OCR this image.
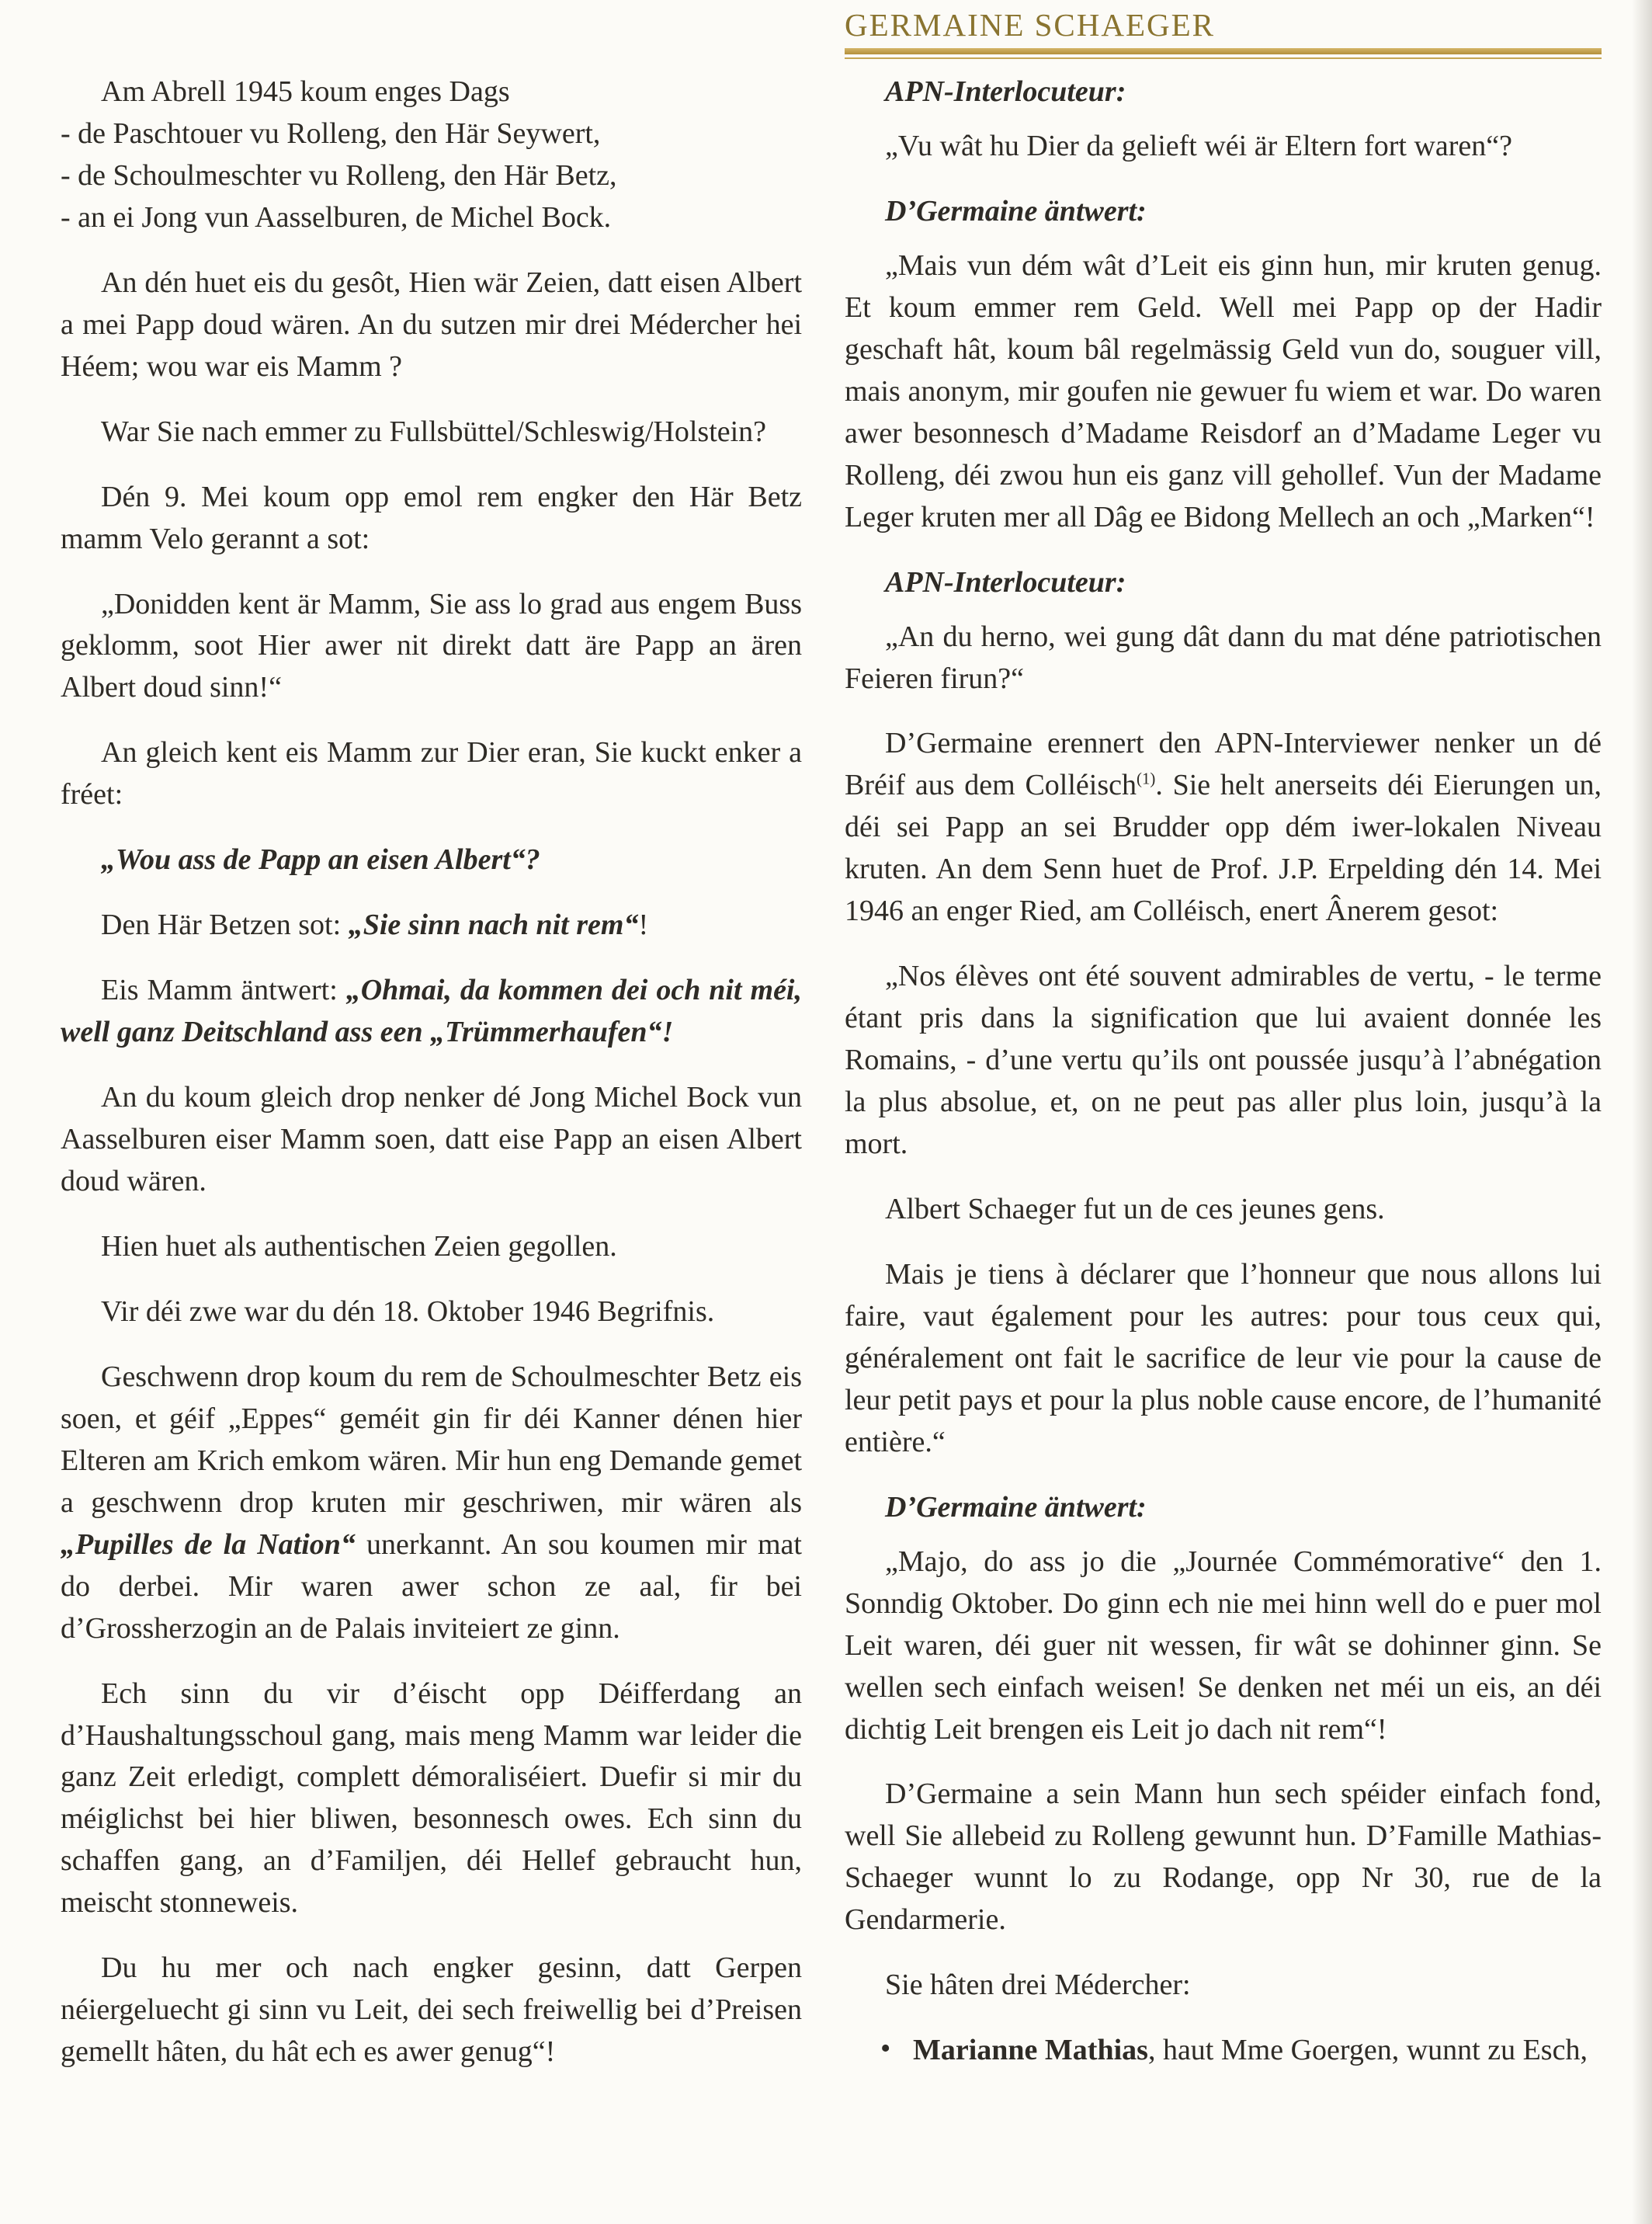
Am Abrell 1945 koum enges Dags

- de Paschtouer vu Rolleng, den Här Seywert,

- de Schoulmeschter vu Rolleng, den Här Betz,

- an ei Jong vun Aasselburen, de Michel Bock.

An dén huet eis du gesôt, Hien wär Zeien, datt eisen Albert a mei Papp doud wären. An du sutzen mir drei Médercher hei Héem; wou war eis Mamm ?

War Sie nach emmer zu Fullsbüttel/Schleswig/​Holstein?

Dén 9. Mei koum opp emol rem engker den Här Betz mamm Velo gerannt a sot:

„Donidden kent är Mamm, Sie ass lo grad aus engem Buss geklomm, soot Hier awer nit direkt datt äre Papp an ären Albert doud sinn!“

An gleich kent eis Mamm zur Dier eran, Sie kuckt enker a fréet:

„Wou ass de Papp an eisen Albert“?

Den Här Betzen sot: „Sie sinn nach nit rem“!

Eis Mamm äntwert: „Ohmai, da kommen dei och nit méi, well ganz Deitschland ass een „Trümmerhaufen“!

An du koum gleich drop nenker dé Jong Michel Bock vun Aasselburen eiser Mamm soen, datt eise Papp an eisen Albert doud wären.

Hien huet als authentischen Zeien gegollen.

Vir déi zwe war du dén 18. Oktober 1946 Begrifnis.

Geschwenn drop koum du rem de Schoulmeschter Betz eis soen, et géif „Eppes“ geméit gin fir déi Kanner dénen hier Elteren am Krich emkom wären. Mir hun eng Demande gemet a geschwenn drop kruten mir geschriwen, mir wären als „Pupilles de la Nation“ unerkannt. An sou koumen mir mat do derbei. Mir waren awer schon ze aal, fir bei d’Grossherzogin an de Palais inviteiert ze ginn.

Ech sinn du vir d’éischt opp Déifferdang an d’Haushaltungsschoul gang, mais meng Mamm war leider die ganz Zeit erledigt, complett démoraliséiert. Duefir si mir du méiglichst bei hier bliwen, besonnesch owes. Ech sinn du schaffen gang, an d’Familjen, déi Hellef gebraucht hun, meischt stonneweis.

Du hu mer och nach engker gesinn, datt Gerpen néiergeluecht gi sinn vu Leit, dei sech freiwellig bei d’Preisen gemellt hâten, du hât ech es awer genug“!

GERMAINE SCHAEGER

APN-Interlocuteur:

„Vu wât hu Dier da gelieft wéi är Eltern fort waren“?

D’Germaine äntwert:

„Mais vun dém wât d’Leit eis ginn hun, mir kruten genug. Et koum emmer rem Geld. Well mei Papp op der Hadir geschaft hât, koum bâl regelmässig Geld vun do, souguer vill, mais anonym, mir goufen nie gewuer fu wiem et war. Do waren awer besonnesch d’Madame Reisdorf an d’Madame Leger vu Rolleng, déi zwou hun eis ganz vill gehollef. Vun der Madame Leger kruten mer all Dâg ee Bidong Mellech an och „Marken“!

APN-Interlocuteur:

„An du herno, wei gung dât dann du mat déne patriotischen Feieren firun?“

D’Germaine erennert den APN-Interviewer nenker un dé Bréif aus dem Colléisch$^{(1)}$. Sie helt anerseits déi Eierungen un, déi sei Papp an sei Brudder opp dém iwer-lokalen Niveau kruten. An dem Senn huet de Prof. J.P. Erpelding dén 14. Mei 1946 an enger Ried, am Colléisch, enert Ânerem gesot:

„Nos élèves ont été souvent admirables de vertu, - le terme étant pris dans la signification que lui avaient donnée les Romains, - d’une vertu qu’ils ont poussée jusqu’à l’abnégation la plus absolue, et, on ne peut pas aller plus loin, jusqu’à la mort.

Albert Schaeger fut un de ces jeunes gens.

Mais je tiens à déclarer que l’honneur que nous allons lui faire, vaut également pour les autres: pour tous ceux qui, généralement ont fait le sacrifice de leur vie pour la cause de leur petit pays et pour la plus noble cause encore, de l’humanité entière.“

D’Germaine äntwert:

„Majo, do ass jo die „Journée Commémorative“ den 1. Sonndig Oktober. Do ginn ech nie mei hinn well do e puer mol Leit waren, déi guer nit wessen, fir wât se dohinner ginn. Se wellen sech einfach weisen! Se denken net méi un eis, an déi dichtig Leit brengen eis Leit jo dach nit rem“!

D’Germaine a sein Mann hun sech spéider einfach fond, well Sie allebeid zu Rolleng gewunnt hun. D’Famille Mathias-Schaeger wunnt lo zu Rodange, opp Nr 30, rue de la Gendarmerie.

Sie hâten drei Médercher:

• Marianne Mathias, haut Mme Goergen, wunnt zu Esch,
